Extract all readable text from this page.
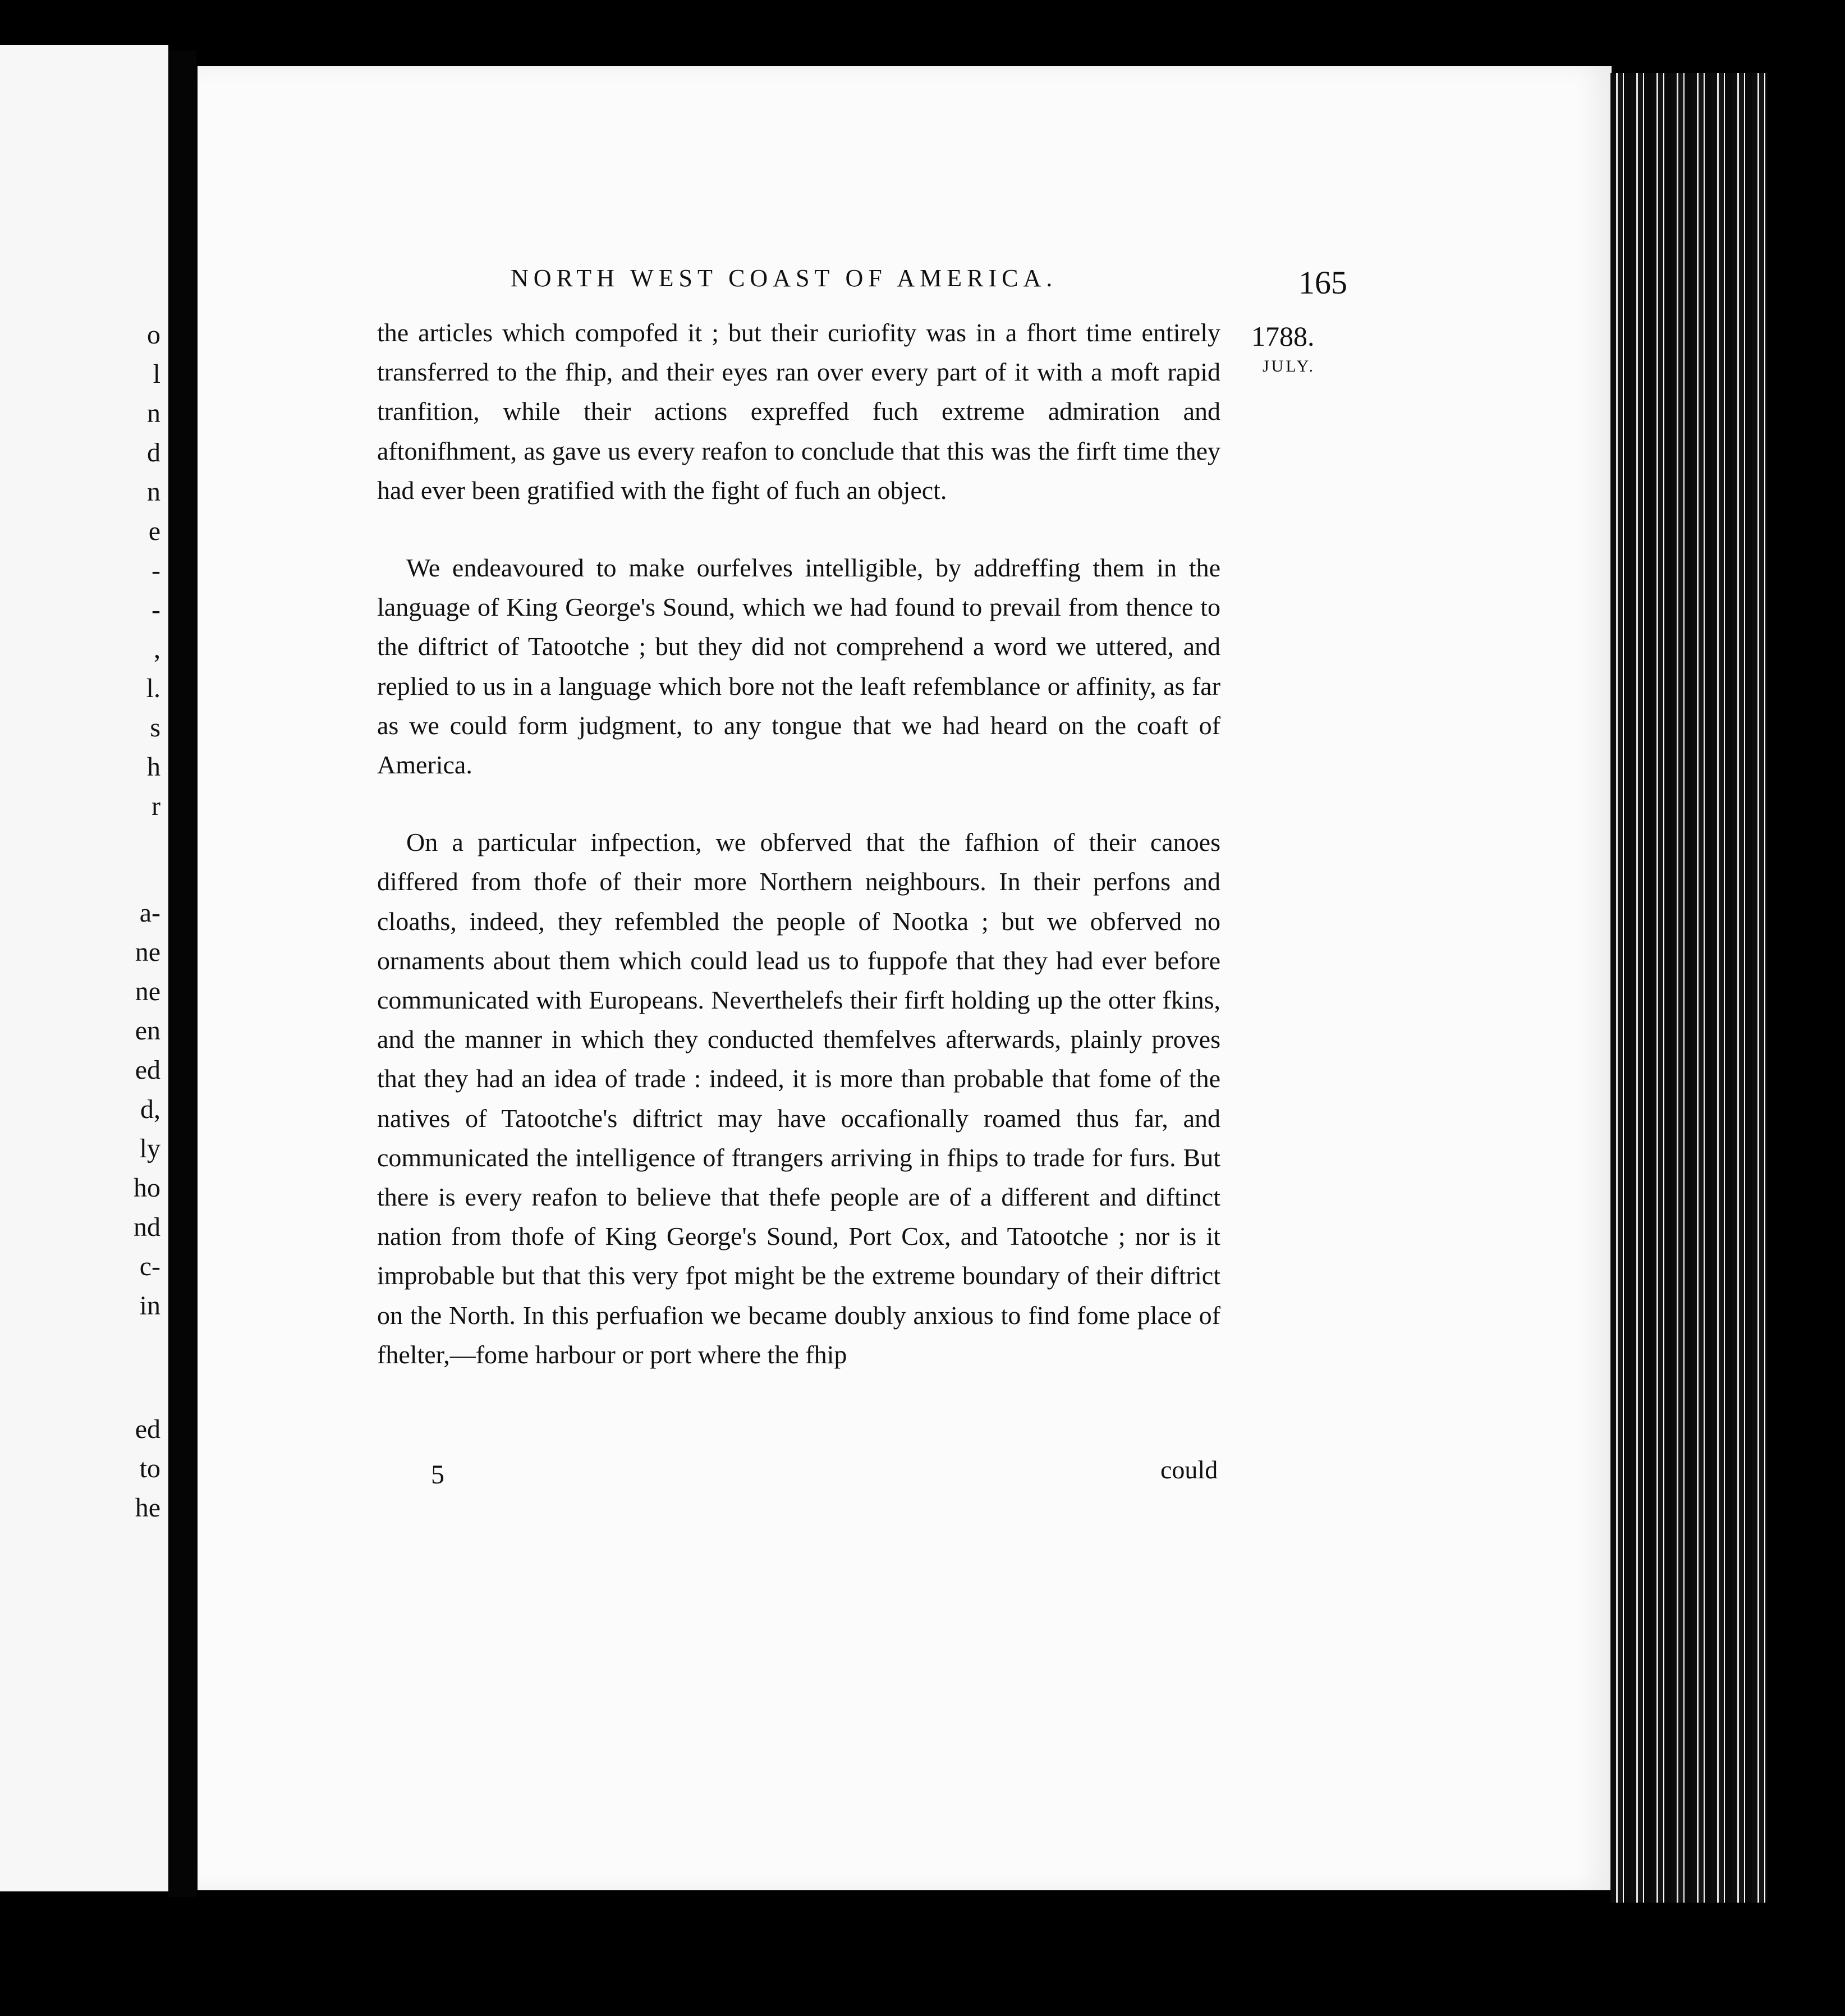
o
l
n
d
n
e
-
-
,
l.
s
h
r
a-
ne
ne
en
ed
d,
ly
ho
nd
c-
in
ed
to
he
NORTH WEST COAST OF AMERICA.	165
1788.
JULY.

the articles which compofed it ; but their curiofity was in a fhort time entirely transferred to the fhip, and their eyes ran over every part of it with a moft rapid tranfition, while their actions expreffed fuch extreme admiration and aftonifhment, as gave us every reafon to conclude that this was the firft time they had ever been gratified with the fight of fuch an object.

We endeavoured to make ourfelves intelligible, by addreffing them in the language of King George's Sound, which we had found to prevail from thence to the diftrict of Tatootche ; but they did not comprehend a word we uttered, and replied to us in a language which bore not the leaft refemblance or affinity, as far as we could form judgment, to any tongue that we had heard on the coaft of America.

On a particular infpection, we obferved that the fafhion of their canoes differed from thofe of their more Northern neighbours. In their perfons and cloaths, indeed, they refembled the people of Nootka ; but we obferved no ornaments about them which could lead us to fuppofe that they had ever before communicated with Europeans. Neverthelefs their firft holding up the otter fkins, and the manner in which they conducted themfelves afterwards, plainly proves that they had an idea of trade : indeed, it is more than probable that fome of the natives of Tatootche's diftrict may have occafionally roamed thus far, and communicated the intelligence of ftrangers arriving in fhips to trade for furs. But there is every reafon to believe that thefe people are of a different and diftinct nation from thofe of King George's Sound, Port Cox, and Tatootche ; nor is it improbable but that this very fpot might be the extreme boundary of their diftrict on the North. In this perfuafion we became doubly anxious to find fome place of fhelter,—fome harbour or port where the fhip

5	could
